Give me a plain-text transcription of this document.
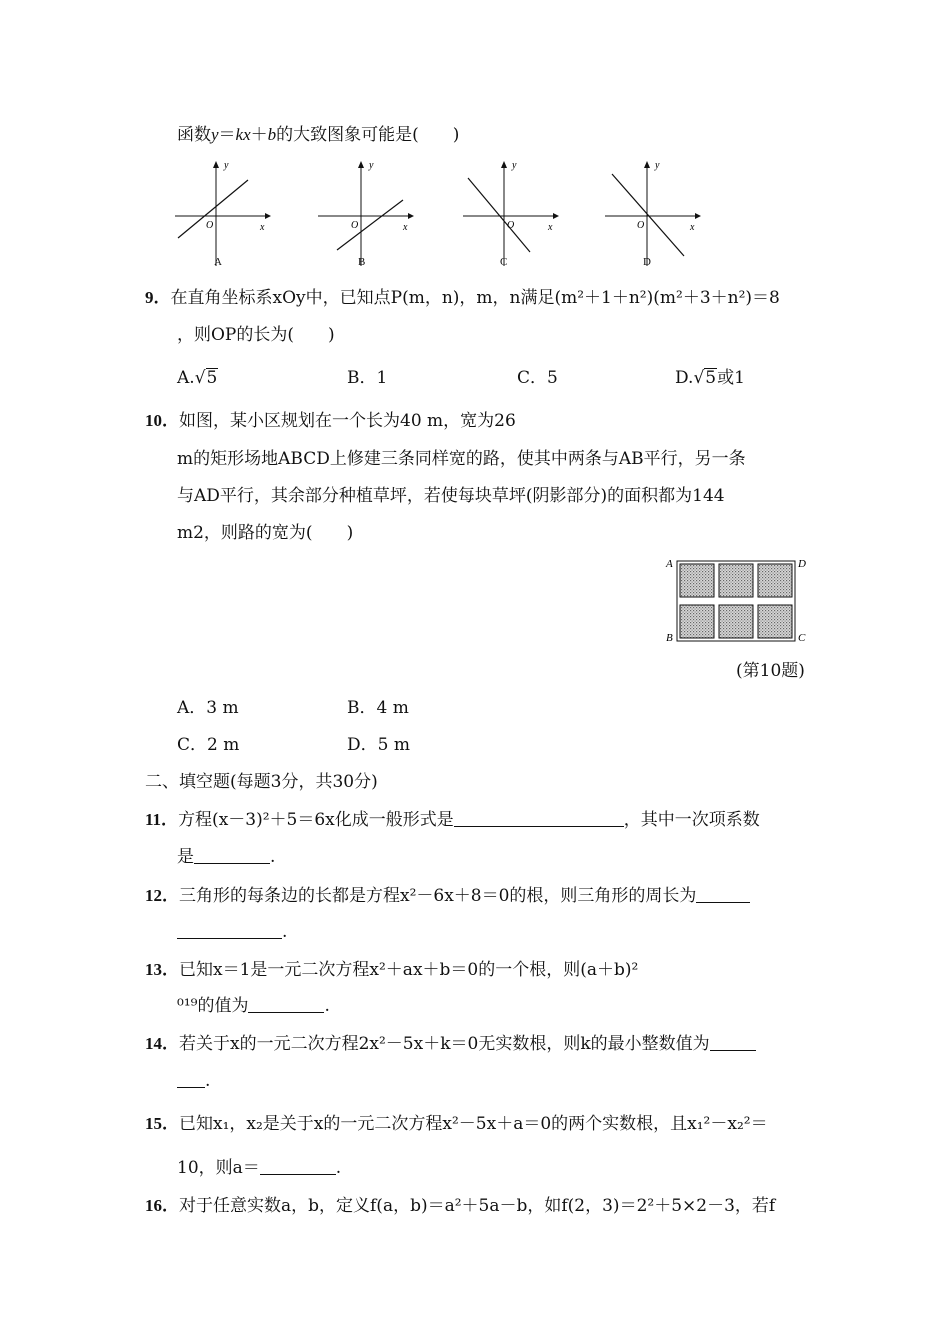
函数y＝kx＋b的大致图象可能是(　　)
y
x
O
A
y
x
O
B
y
x
O
C
y
x
O
D
9．在直角坐标系xOy中，已知点P(m，n)，m，n满足(m²＋1＋n²)(m²＋3＋n²)＝8
，则OP的长为(　　)
A.√5	B．1	C．5	D.√5或1
10．如图，某小区规划在一个长为40 m，宽为26
m的矩形场地ABCD上修建三条同样宽的路，使其中两条与AB平行，另一条
与AD平行，其余部分种植草坪，若使每块草坪(阴影部分)的面积都为144
m2，则路的宽为(　　)
A	D
B	C
(第10题)
A．3 m	B．4 m
C．2 m	D．5 m
二、填空题(每题3分，共30分)
11．方程(x－3)²＋5＝6x化成一般形式是	，其中一次项系数
是	.
12．三角形的每条边的长都是方程x²－6x＋8＝0的根，则三角形的周长为
.
13．已知x＝1是一元二次方程x²＋ax＋b＝0的一个根，则(a＋b)²
⁰¹⁹的值为	.
14．若关于x的一元二次方程2x²－5x＋k＝0无实数根，则k的最小整数值为
.
15．已知x₁，x₂是关于x的一元二次方程x²－5x＋a＝0的两个实数根，且x₁²－x₂²＝
10，则a＝	.
16．对于任意实数a，b，定义f(a，b)＝a²＋5a－b，如f(2，3)＝2²＋5×2－3，若f
